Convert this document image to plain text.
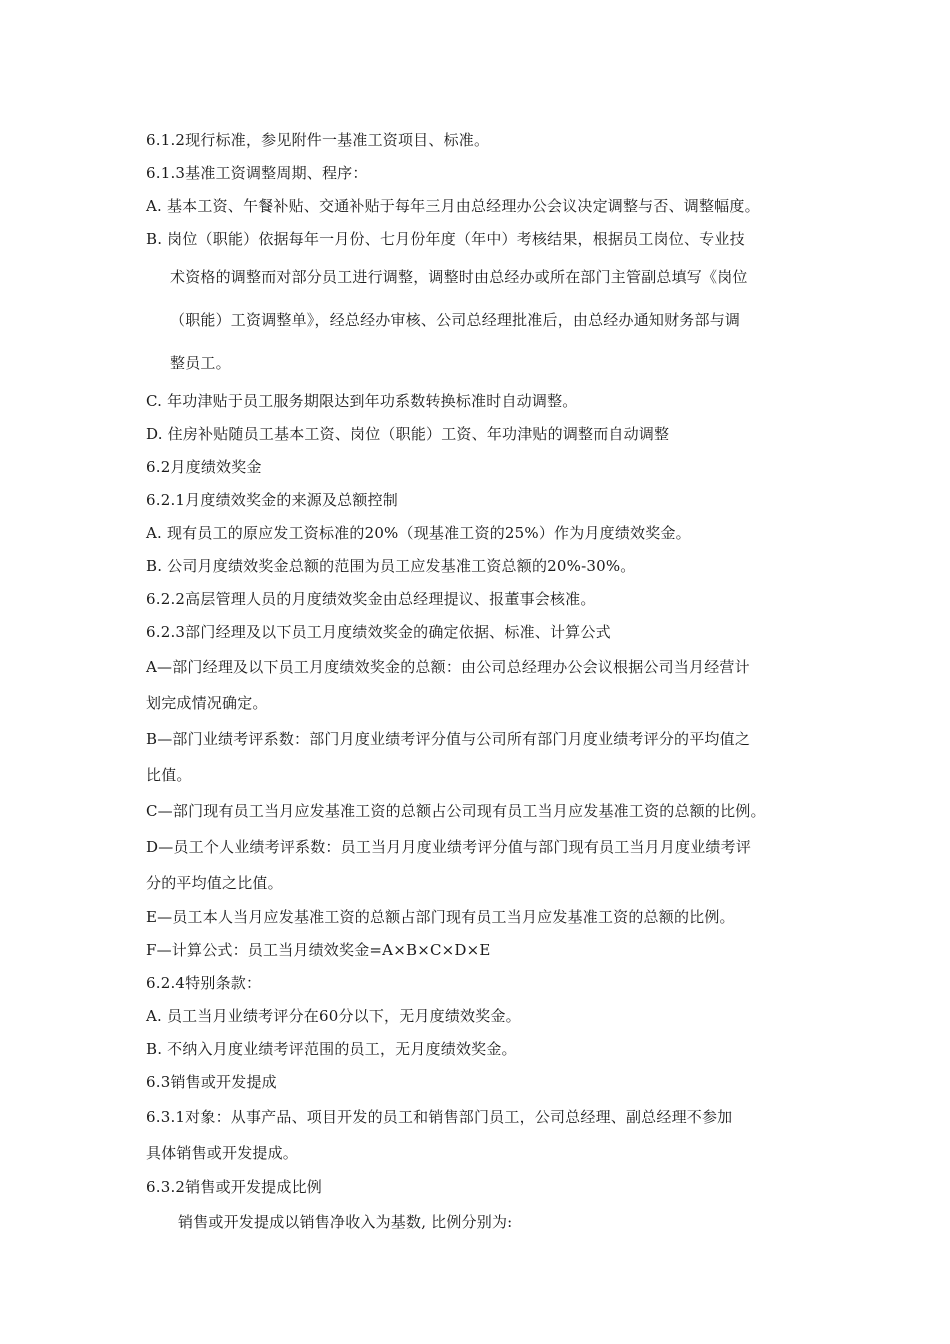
6.1.2现行标准，参见附件一基准工资项目、标准。
6.1.3基准工资调整周期、程序：
A. 基本工资、午餐补贴、交通补贴于每年三月由总经理办公会议决定调整与否、调整幅度。
B. 岗位（职能）依据每年一月份、七月份年度（年中）考核结果，根据员工岗位、专业技
术资格的调整而对部分员工进行调整，调整时由总经办或所在部门主管副总填写《岗位
（职能）工资调整单》，经总经办审核、公司总经理批准后，由总经办通知财务部与调
整员工。
C. 年功津贴于员工服务期限达到年功系数转换标准时自动调整。
D. 住房补贴随员工基本工资、岗位（职能）工资、年功津贴的调整而自动调整
6.2月度绩效奖金
6.2.1月度绩效奖金的来源及总额控制
A. 现有员工的原应发工资标准的20%（现基准工资的25%）作为月度绩效奖金。
B. 公司月度绩效奖金总额的范围为员工应发基准工资总额的20%-30%。
6.2.2高层管理人员的月度绩效奖金由总经理提议、报董事会核准。
6.2.3部门经理及以下员工月度绩效奖金的确定依据、标准、计算公式
A—部门经理及以下员工月度绩效奖金的总额：由公司总经理办公会议根据公司当月经营计
划完成情况确定。
B—部门业绩考评系数：部门月度业绩考评分值与公司所有部门月度业绩考评分的平均值之
比值。
C—部门现有员工当月应发基准工资的总额占公司现有员工当月应发基准工资的总额的比例。
D—员工个人业绩考评系数：员工当月月度业绩考评分值与部门现有员工当月月度业绩考评
分的平均值之比值。
E—员工本人当月应发基准工资的总额占部门现有员工当月应发基准工资的总额的比例。
F—计算公式：员工当月绩效奖金=A×B×C×D×E
6.2.4特别条款：
A. 员工当月业绩考评分在60分以下，无月度绩效奖金。
B. 不纳入月度业绩考评范围的员工，无月度绩效奖金。
6.3销售或开发提成
6.3.1对象：从事产品、项目开发的员工和销售部门员工，公司总经理、副总经理不参加
具体销售或开发提成。
6.3.2销售或开发提成比例
销售或开发提成以销售净收入为基数, 比例分别为:
